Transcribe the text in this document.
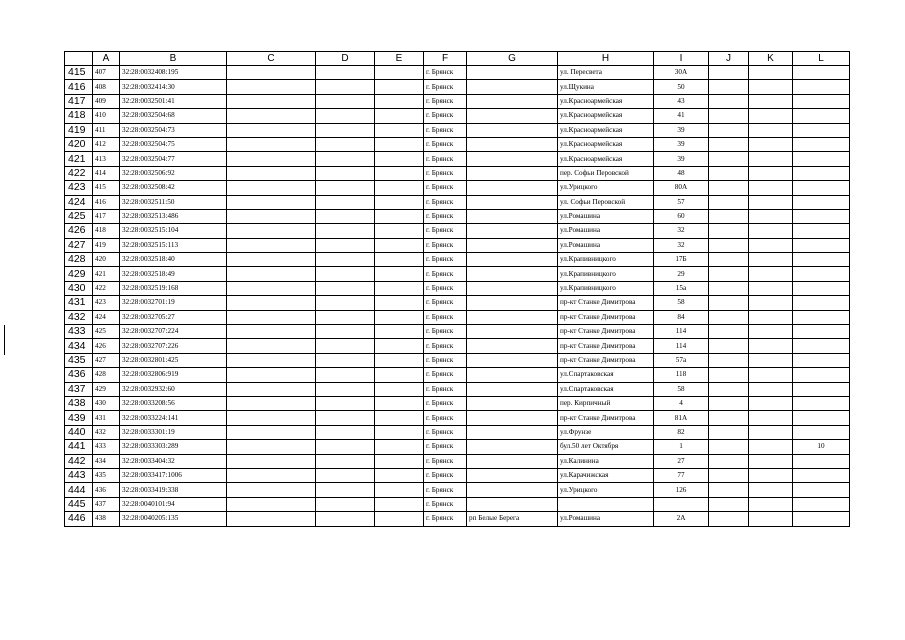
	A	B	C	D	E	F	G	H	I	J	K	L
415	407	32:28:0032408:195				г. Брянск		ул. Пересвета	30А			
416	408	32:28:0032414:30				г. Брянск		ул.Щукина	50			
417	409	32:28:0032501:41				г. Брянск		ул.Красноармейская	43			
418	410	32:28:0032504:68				г. Брянск		ул.Красноармейская	41			
419	411	32:28:0032504:73				г. Брянск		ул.Красноармейская	39			
420	412	32:28:0032504:75				г. Брянск		ул.Красноармейская	39			
421	413	32:28:0032504:77				г. Брянск		ул.Красноармейская	39			
422	414	32:28:0032506:92				г. Брянск		пер. Софьи Перовской	48			
423	415	32:28:0032508:42				г. Брянск		ул.Урицкого	80А			
424	416	32:28:0032511:50				г. Брянск		ул. Софьи Перовской	57			
425	417	32:28:0032513:486				г. Брянск		ул.Ромашина	60			
426	418	32:28:0032515:104				г. Брянск		ул.Ромашина	32			
427	419	32:28:0032515:113				г. Брянск		ул.Ромашина	32			
428	420	32:28:0032518:40				г. Брянск		ул.Крапивницкого	17Б			
429	421	32:28:0032518:49				г. Брянск		ул.Крапивницкого	29			
430	422	32:28:0032519:168				г. Брянск		ул.Крапивницкого	15а			
431	423	32:28:0032701:19				г. Брянск		пр-кт Станке Димитрова	58			
432	424	32:28:0032705:27				г. Брянск		пр-кт Станке Димитрова	84			
433	425	32:28:0032707:224				г. Брянск		пр-кт Станке Димитрова	114			
434	426	32:28:0032707:226				г. Брянск		пр-кт Станке Димитрова	114			
435	427	32:28:0032801:425				г. Брянск		пр-кт Станке Димитрова	57а			
436	428	32:28:0032806:919				г. Брянск		ул.Спартаковская	118			
437	429	32:28:0032932:60				г. Брянск		ул.Спартаковская	58			
438	430	32:28:0033208:56				г. Брянск		пер. Кирпичный	4			
439	431	32:28:0033224:141				г. Брянск		пр-кт Станке Димитрова	81А			
440	432	32:28:0033301:19				г. Брянск		ул.Фрунзе	82			
441	433	32:28:0033303:289				г. Брянск		бул.50 лет Октября	1			10
442	434	32:28:0033404:32				г. Брянск		ул.Калинина	27			
443	435	32:28:0033417:1006				г. Брянск		ул.Карачижская	77			
444	436	32:28:0033419:338				г. Брянск		ул.Урицкого	126			
445	437	32:28:0040101:94				г. Брянск						
446	438	32:28:0040205:135				г. Брянск	рп Белые Берега	ул.Ромашина	2А			
